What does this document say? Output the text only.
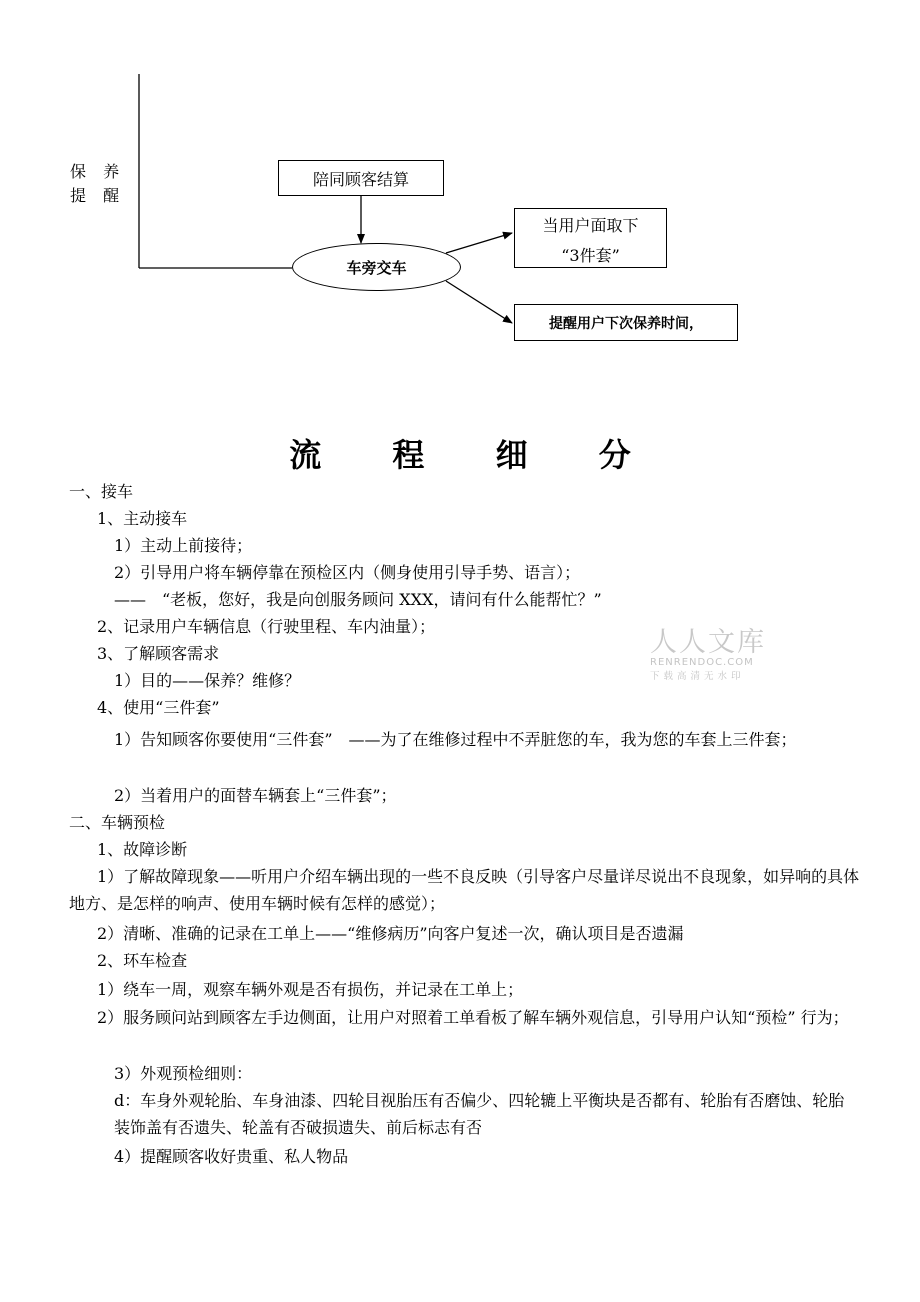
保 养
提 醒
陪同顾客结算
车旁交车
当用户面取下
“3件套”
提醒用户下次保养时间，
流 程 细 分
人人文库
RENRENDOC.COM
下载高清无水印
一、接车
1、主动接车
1）主动上前接待；
2）引导用户将车辆停靠在预检区内（侧身使用引导手势、语言）；
——　“老板，您好，我是向创服务顾问 XXX，请问有什么能帮忙？”
2、记录用户车辆信息（行驶里程、车内油量）；
3、了解顾客需求
1）目的——保养？维修？
4、使用“三件套”
1）告知顾客你要使用“三件套”　——为了在维修过程中不弄脏您的车，我为您的车套上三件套；
2）当着用户的面替车辆套上“三件套”；
二、车辆预检
1、故障诊断
1）了解故障现象——听用户介绍车辆出现的一些不良反映（引导客户尽量详尽说出不良现象，如异响的具体地方、是怎样的响声、使用车辆时候有怎样的感觉）；
2）清晰、准确的记录在工单上——“维修病历”向客户复述一次，确认项目是否遗漏
2、环车检查
1）绕车一周，观察车辆外观是否有损伤，并记录在工单上；
2）服务顾问站到顾客左手边侧面，让用户对照着工单看板了解车辆外观信息，引导用户认知“预检” 行为；
3）外观预检细则：
d：车身外观轮胎、车身油漆、四轮目视胎压有否偏少、四轮辘上平衡块是否都有、轮胎有否磨蚀、轮胎装饰盖有否遗失、轮盖有否破损遗失、前后标志有否
4）提醒顾客收好贵重、私人物品
